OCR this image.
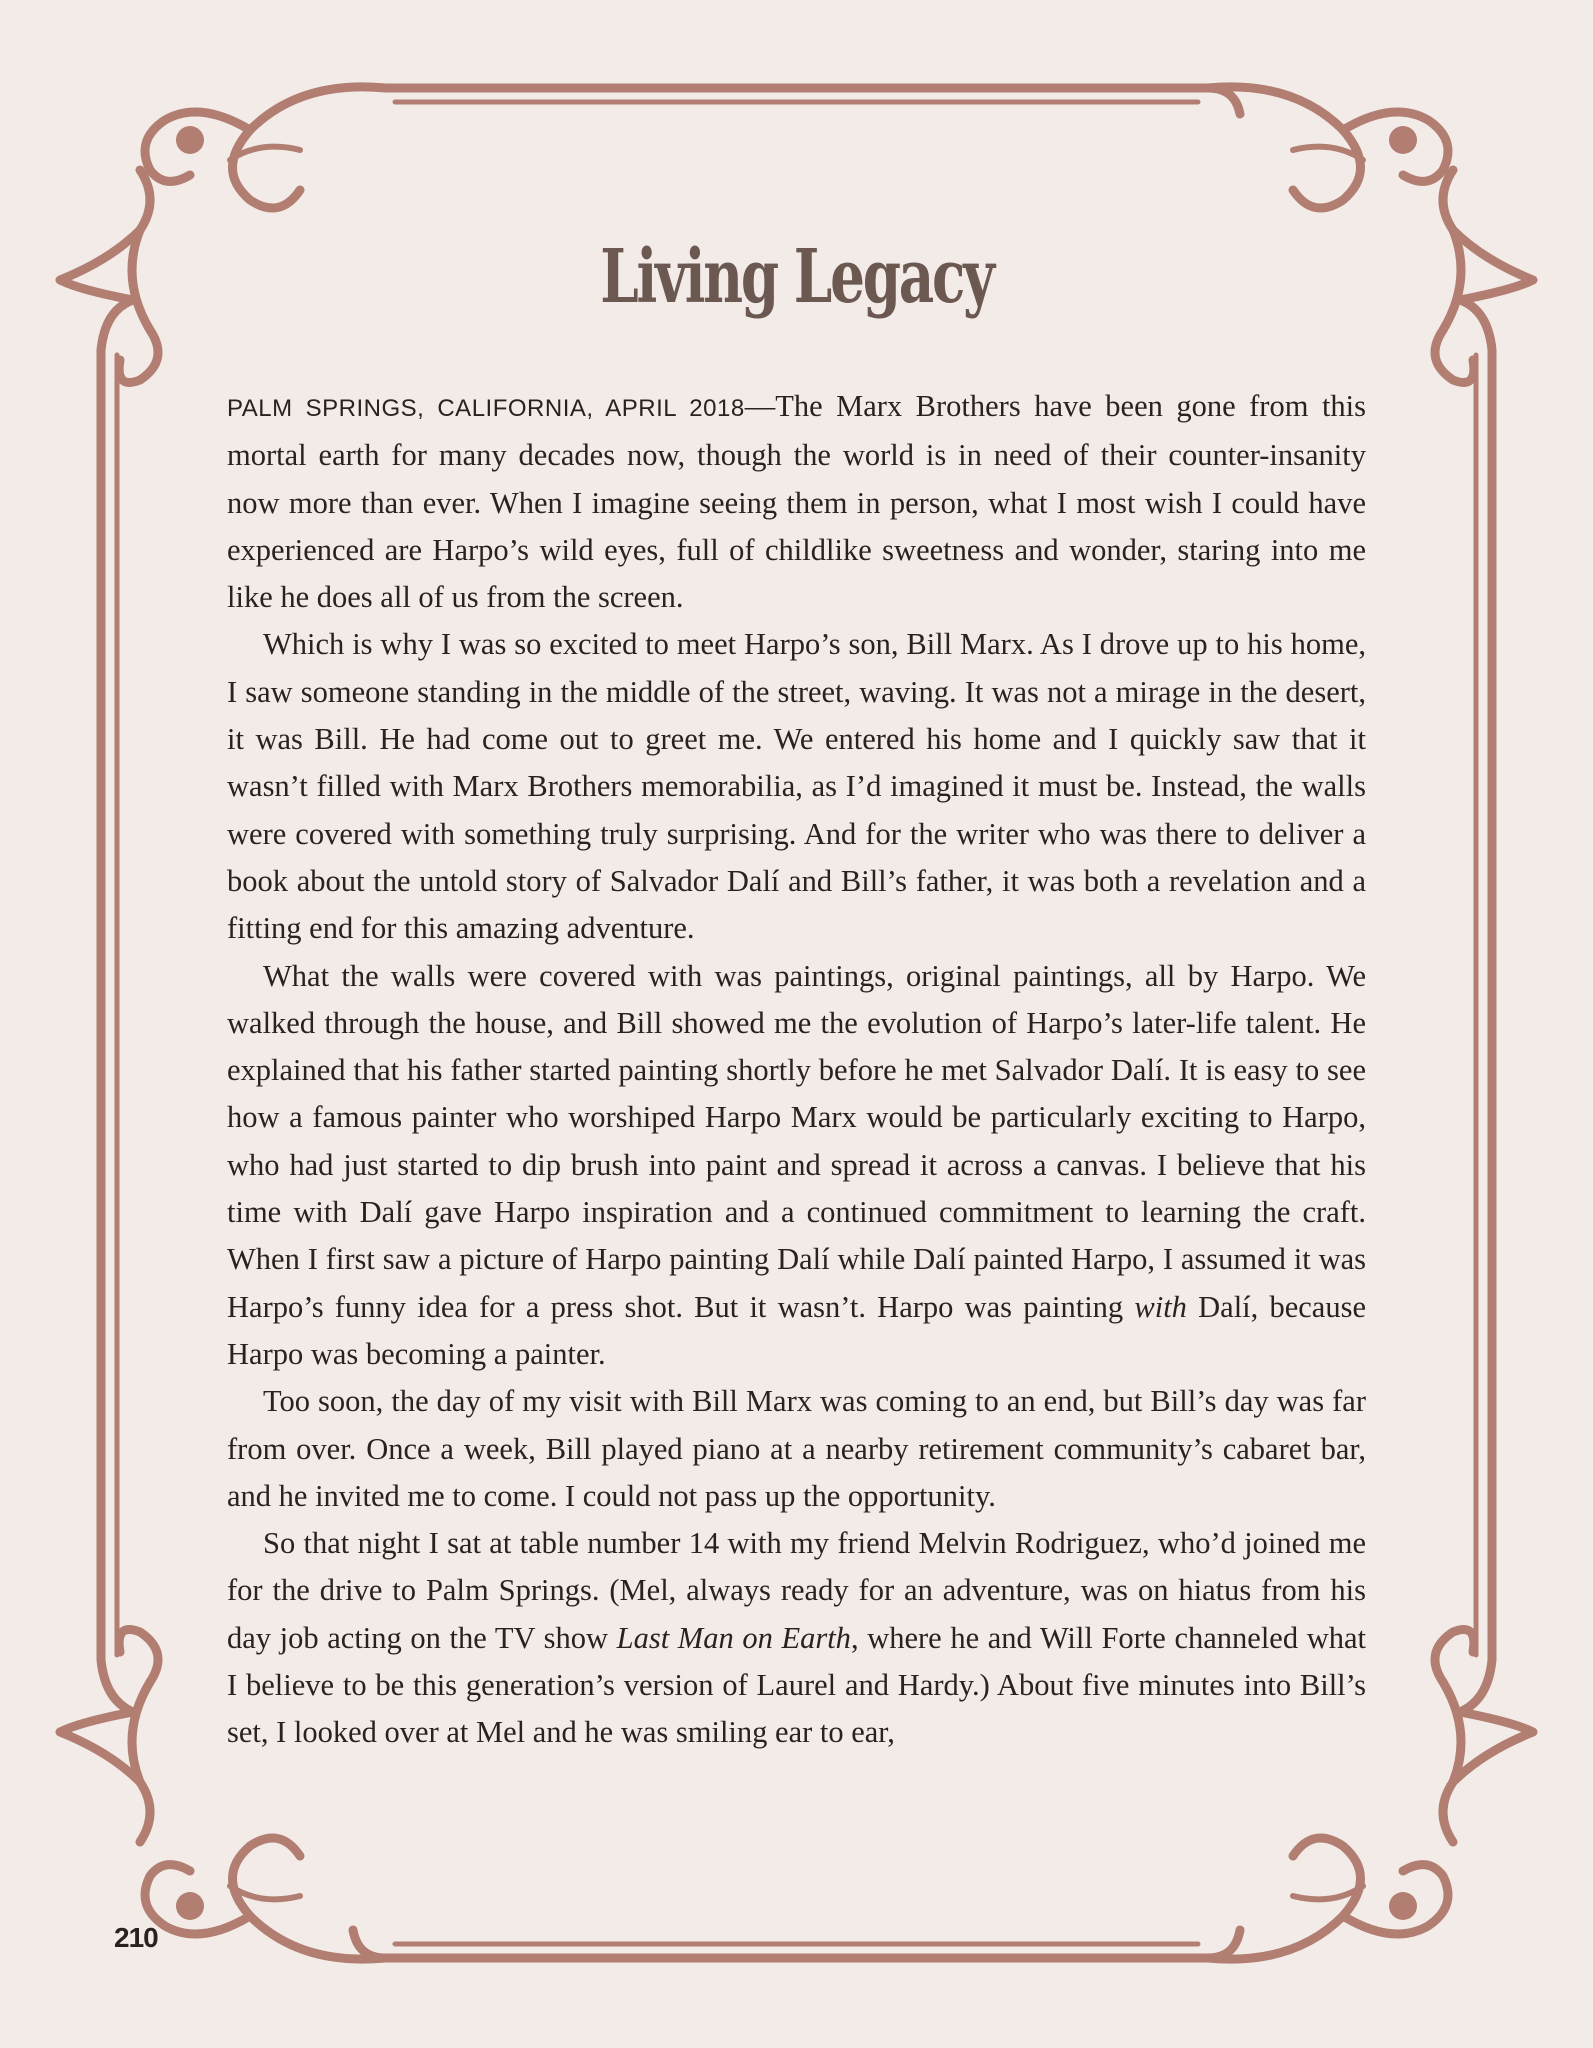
Living Legacy

PALM SPRINGS, CALIFORNIA, APRIL 2018—The Marx Brothers have been gone from this mortal earth for many decades now, though the world is in need of their counter-insanity now more than ever. When I imagine seeing them in person, what I most wish I could have experienced are Harpo’s wild eyes, full of childlike sweetness and wonder, staring into me like he does all of us from the screen.

Which is why I was so excited to meet Harpo’s son, Bill Marx. As I drove up to his home, I saw someone standing in the middle of the street, waving. It was not a mirage in the desert, it was Bill. He had come out to greet me. We entered his home and I quickly saw that it wasn’t filled with Marx Brothers memorabilia, as I’d imagined it must be. Instead, the walls were covered with something truly surprising. And for the writer who was there to deliver a book about the untold story of Salvador Dalí and Bill’s father, it was both a revelation and a fitting end for this amazing adventure.

What the walls were covered with was paintings, original paintings, all by Harpo. We walked through the house, and Bill showed me the evolution of Harpo’s later-life talent. He explained that his father started painting shortly before he met Salvador Dalí. It is easy to see how a famous painter who worshiped Harpo Marx would be particularly exciting to Harpo, who had just started to dip brush into paint and spread it across a canvas. I believe that his time with Dalí gave Harpo inspiration and a continued commitment to learning the craft. When I first saw a picture of Harpo painting Dalí while Dalí painted Harpo, I assumed it was Harpo’s funny idea for a press shot. But it wasn’t. Harpo was painting with Dalí, because Harpo was becoming a painter.

Too soon, the day of my visit with Bill Marx was coming to an end, but Bill’s day was far from over. Once a week, Bill played piano at a nearby retirement community’s cabaret bar, and he invited me to come. I could not pass up the opportunity.

So that night I sat at table number 14 with my friend Melvin Rodriguez, who’d joined me for the drive to Palm Springs. (Mel, always ready for an adventure, was on hiatus from his day job acting on the TV show Last Man on Earth, where he and Will Forte channeled what I believe to be this generation’s version of Laurel and Hardy.) About five minutes into Bill’s set, I looked over at Mel and he was smiling ear to ear,

210
